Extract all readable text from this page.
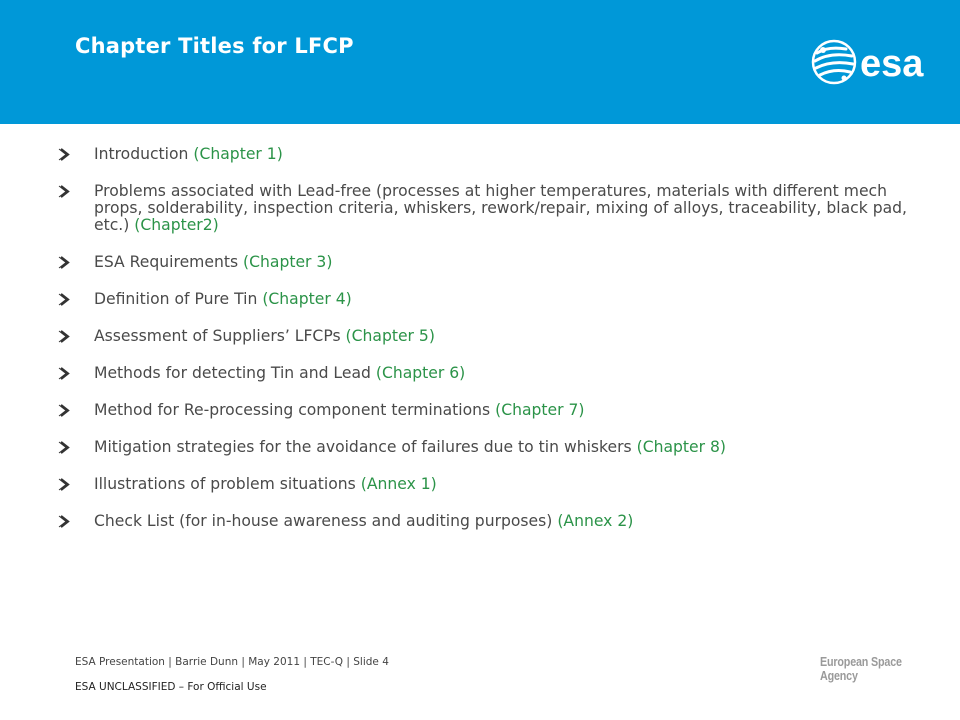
Chapter Titles for LFCP	esa
Introduction (Chapter 1)
Problems associated with Lead-free (processes at higher temperatures, materials with different mech props, solderability, inspection criteria, whiskers, rework/repair, mixing of alloys, traceability, black pad, etc.) (Chapter2)
ESA Requirements (Chapter 3)
Definition of Pure Tin (Chapter 4)
Assessment of Suppliers’ LFCPs (Chapter 5)
Methods for detecting Tin and Lead (Chapter 6)
Method for Re-processing component terminations (Chapter 7)
Mitigation strategies for the avoidance of failures due to tin whiskers (Chapter 8)
Illustrations of problem situations (Annex 1)
Check List (for in-house awareness and auditing purposes) (Annex 2)
ESA Presentation | Barrie Dunn | May 2011 | TEC-Q | Slide 4
ESA UNCLASSIFIED – For Official Use
European Space Agency
